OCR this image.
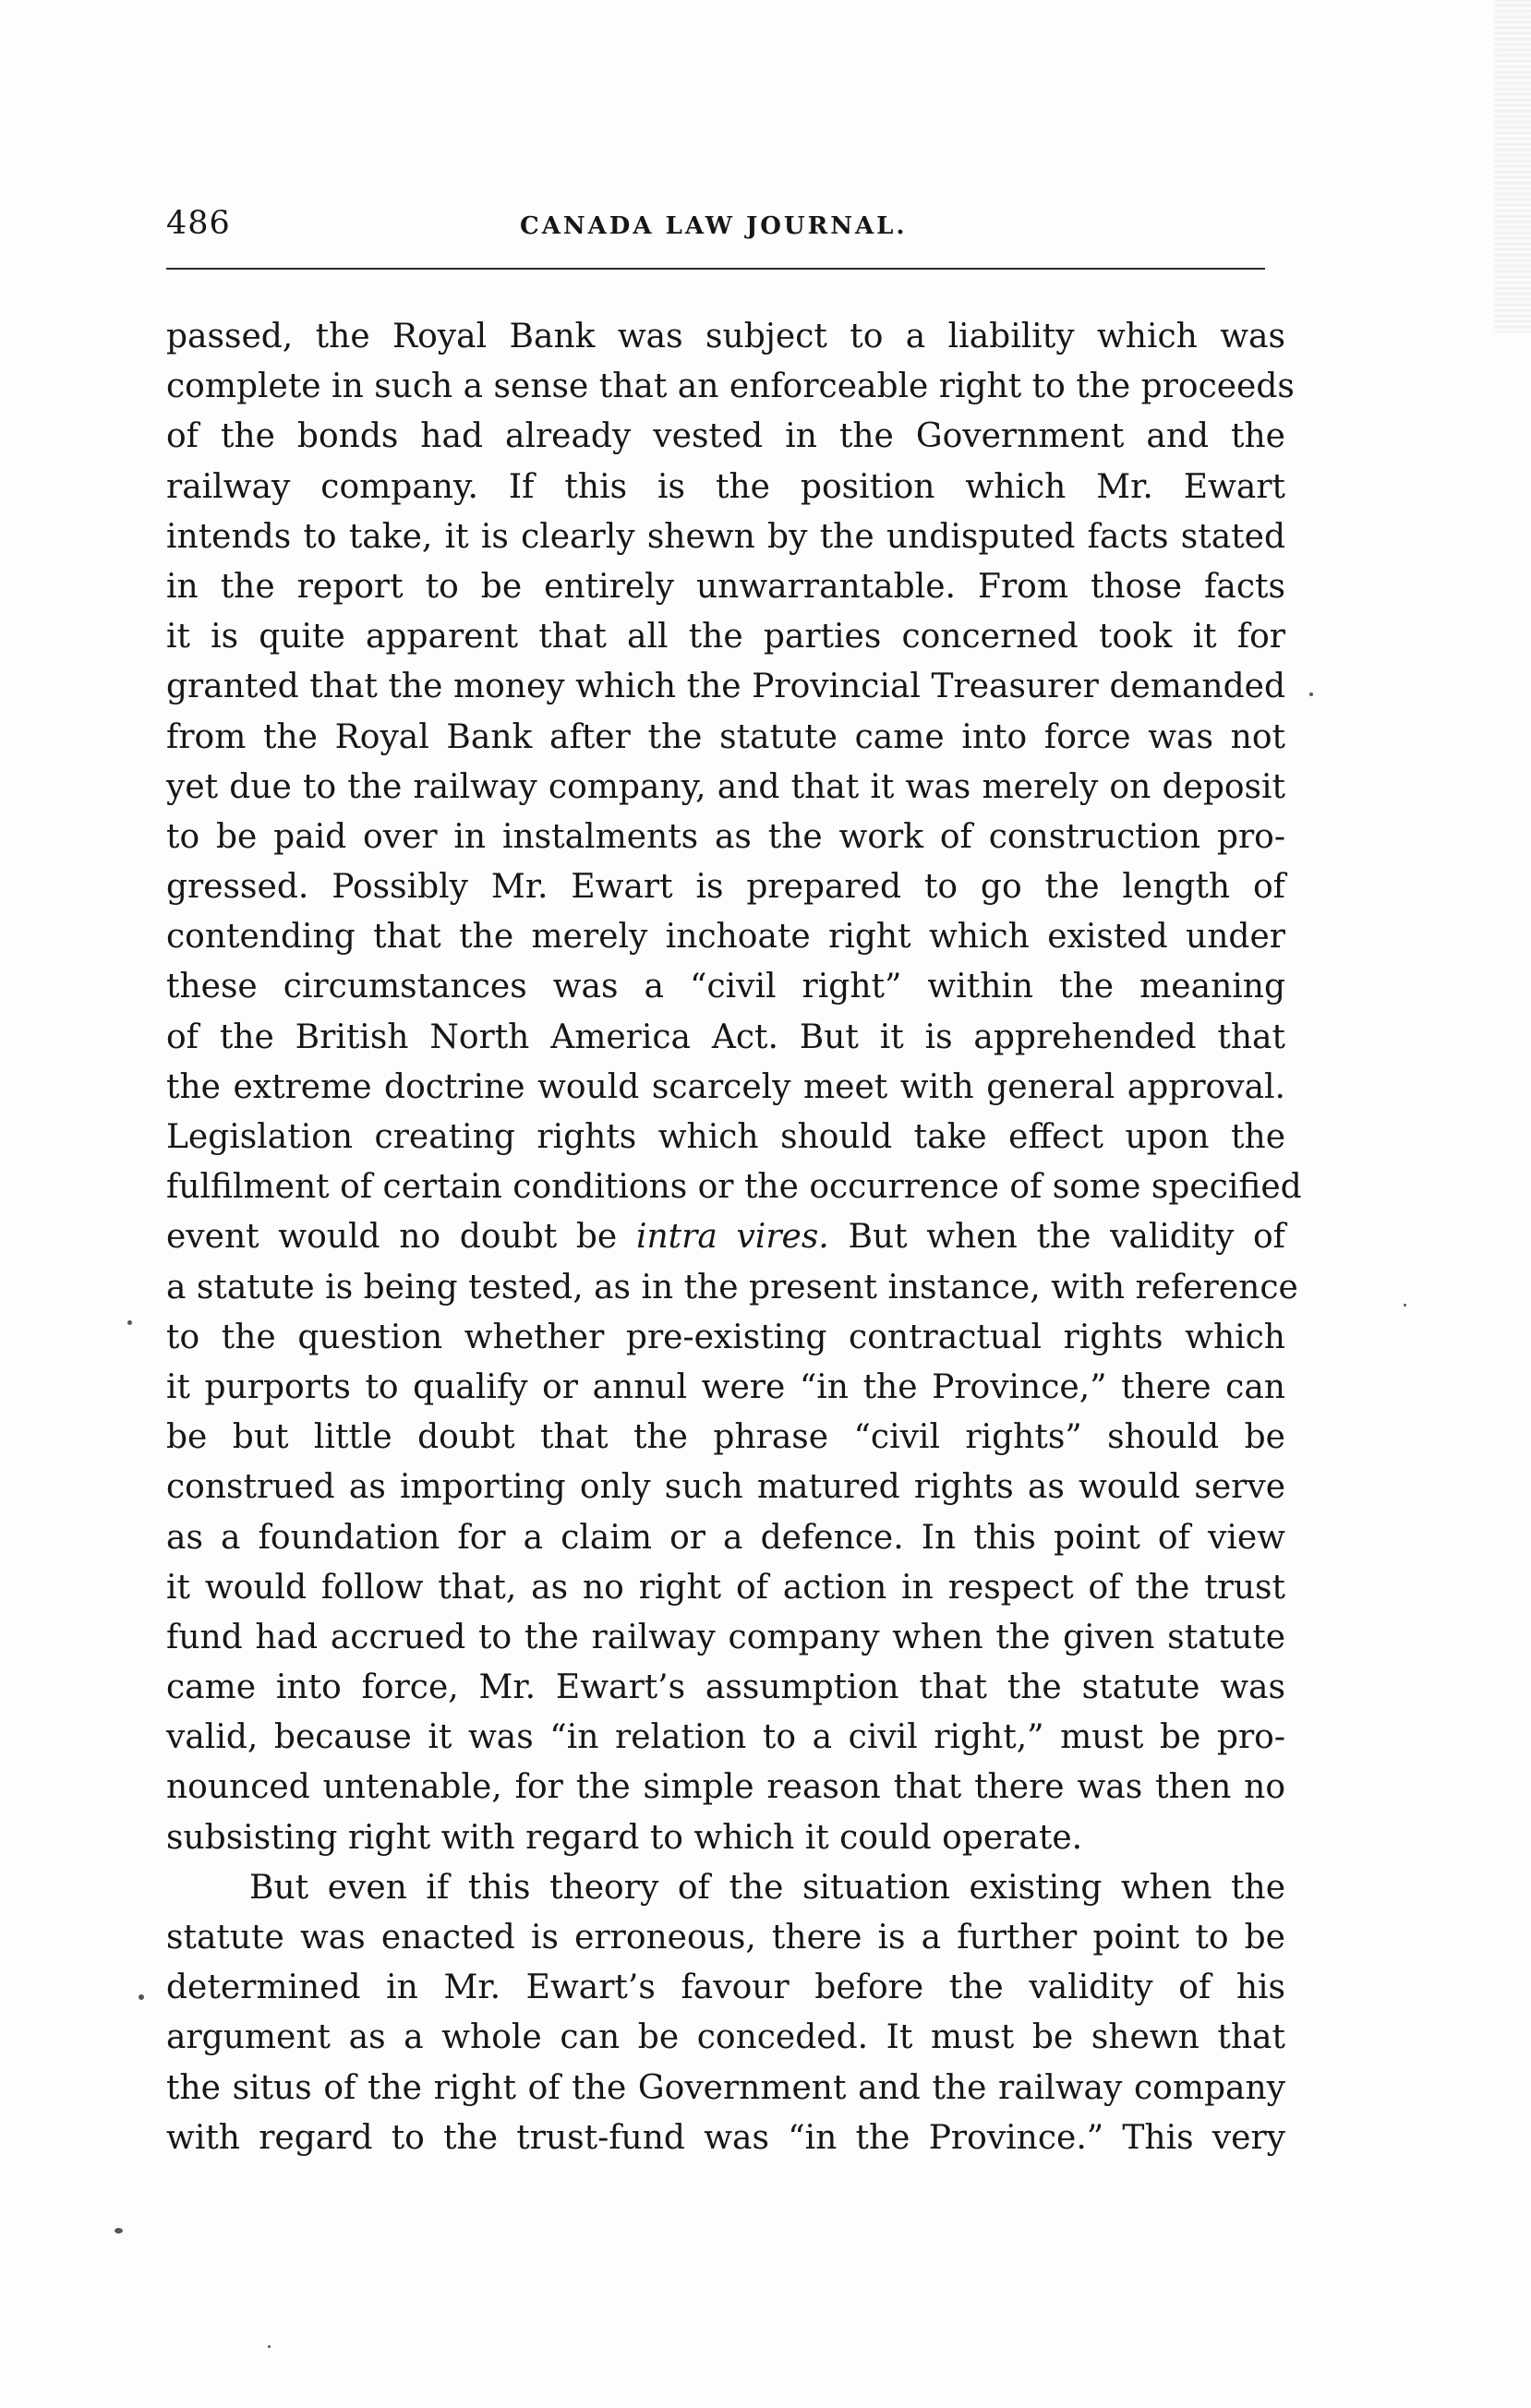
486	CANADA LAW JOURNAL.
passed, the Royal Bank was subject to a liability which was
complete in such a sense that an enforceable right to the proceeds
of the bonds had already vested in the Government and the
railway company. If this is the position which Mr. Ewart
intends to take, it is clearly shewn by the undisputed facts stated
in the report to be entirely unwarrantable. From those facts
it is quite apparent that all the parties concerned took it for
granted that the money which the Provincial Treasurer demanded
from the Royal Bank after the statute came into force was not
yet due to the railway company, and that it was merely on deposit
to be paid over in instalments as the work of construction pro-
gressed. Possibly Mr. Ewart is prepared to go the length of
contending that the merely inchoate right which existed under
these circumstances was a “civil right” within the meaning
of the British North America Act. But it is apprehended that
the extreme doctrine would scarcely meet with general approval.
Legislation creating rights which should take effect upon the
fulfilment of certain conditions or the occurrence of some specified
event would no doubt be intra vires. But when the validity of
a statute is being tested, as in the present instance, with reference
to the question whether pre-existing contractual rights which
it purports to qualify or annul were “in the Province,” there can
be but little doubt that the phrase “civil rights” should be
construed as importing only such matured rights as would serve
as a foundation for a claim or a defence. In this point of view
it would follow that, as no right of action in respect of the trust
fund had accrued to the railway company when the given statute
came into force, Mr. Ewart’s assumption that the statute was
valid, because it was “in relation to a civil right,” must be pro-
nounced untenable, for the simple reason that there was then no
subsisting right with regard to which it could operate.
But even if this theory of the situation existing when the
statute was enacted is erroneous, there is a further point to be
determined in Mr. Ewart’s favour before the validity of his
argument as a whole can be conceded. It must be shewn that
the situs of the right of the Government and the railway company
with regard to the trust-fund was “in the Province.” This very
